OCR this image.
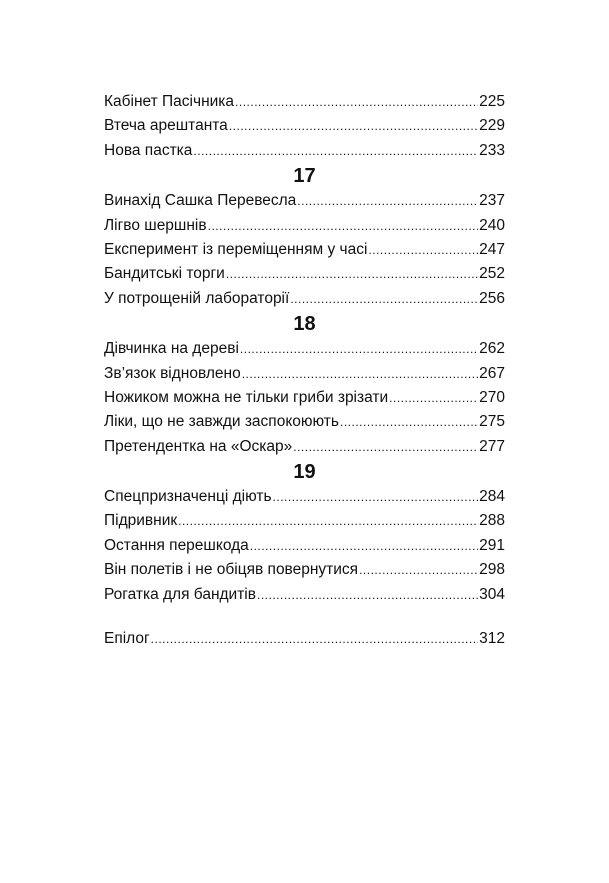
Кабінет Пасічника .....	225
Втеча арештанта .....	229
Нова пастка .....	233
17
Винахід Сашка Перевесла .....	237
Лігво шершнів .....	240
Експеримент із переміщенням у часі .....	247
Бандитські торги .....	252
У потрощеній лабораторії .....	256
18
Дівчинка на дереві .....	262
Зв’язок відновлено .....	267
Ножиком можна не тільки гриби зрізати .....	270
Ліки, що не завжди заспокоюють .....	275
Претендентка на «Оскар» .....	277
19
Спецпризначенці діють .....	284
Підривник .....	288
Остання перешкода .....	291
Він полетів і не обіцяв повернутися .....	298
Рогатка для бандитів .....	304
Епілог .....	312
